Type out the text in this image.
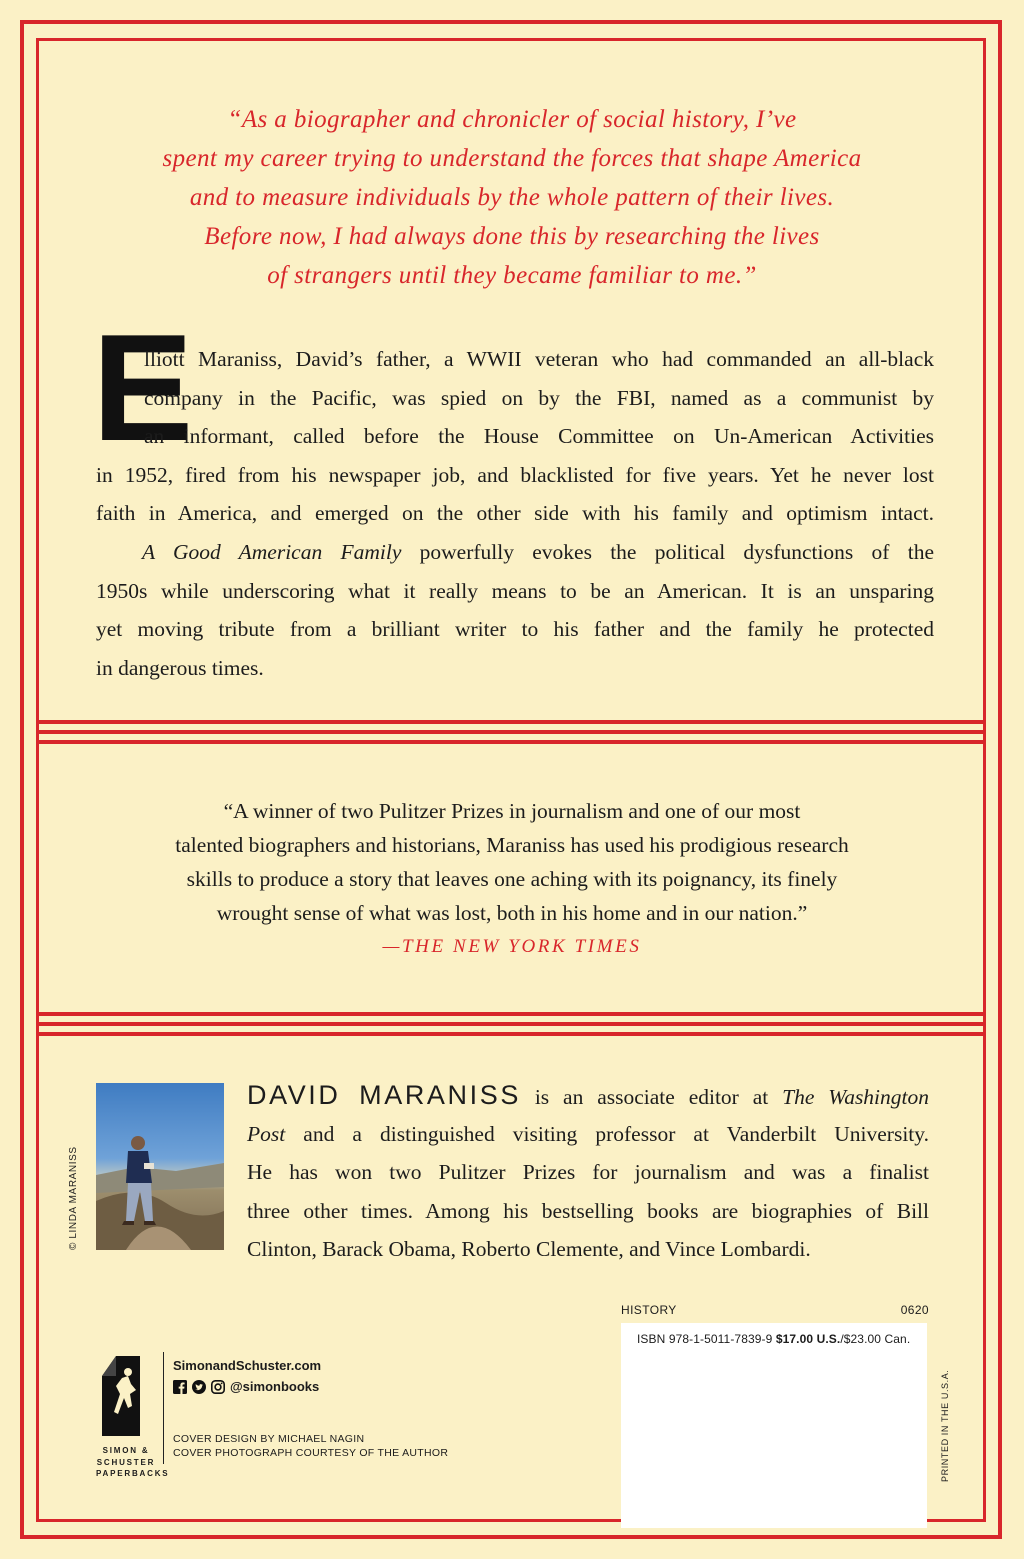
“As a biographer and chronicler of social history, I’ve
spent my career trying to understand the forces that shape America
and to measure individuals by the whole pattern of their lives.
Before now, I had always done this by researching the lives
of strangers until they became familiar to me.”
E
lliott Maraniss, David’s father, a WWII veteran who had commanded an all-black
company in the Pacific, was spied on by the FBI, named as a communist by
an informant, called before the House Committee on Un-American Activities
in 1952, fired from his newspaper job, and blacklisted for five years. Yet he never lost
faith in America, and emerged on the other side with his family and optimism intact.
A Good American Family powerfully evokes the political dysfunctions of the
1950s while underscoring what it really means to be an American. It is an unsparing
yet moving tribute from a brilliant writer to his father and the family he protected
in dangerous times.
“A winner of two Pulitzer Prizes in journalism and one of our most
talented biographers and historians, Maraniss has used his prodigious research
skills to produce a story that leaves one aching with its poignancy, its finely
wrought sense of what was lost, both in his home and in our nation.”
—THE NEW YORK TIMES
© LINDA MARANISS
DAVID MARANISS is an associate editor at The Washington
Post and a distinguished visiting professor at Vanderbilt University.
He has won two Pulitzer Prizes for journalism and was a finalist
three other times. Among his bestselling books are biographies of Bill
Clinton, Barack Obama, Roberto Clemente, and Vince Lombardi.
HISTORY	0620
ISBN 978-1-5011-7839-9 $17.00 U.S./$23.00 Can.
PRINTED IN THE U.S.A.
SIMON &
SCHUSTER
PAPERBACKS
SimonandSchuster.com
@simonbooks
COVER DESIGN BY MICHAEL NAGIN
COVER PHOTOGRAPH COURTESY OF THE AUTHOR
